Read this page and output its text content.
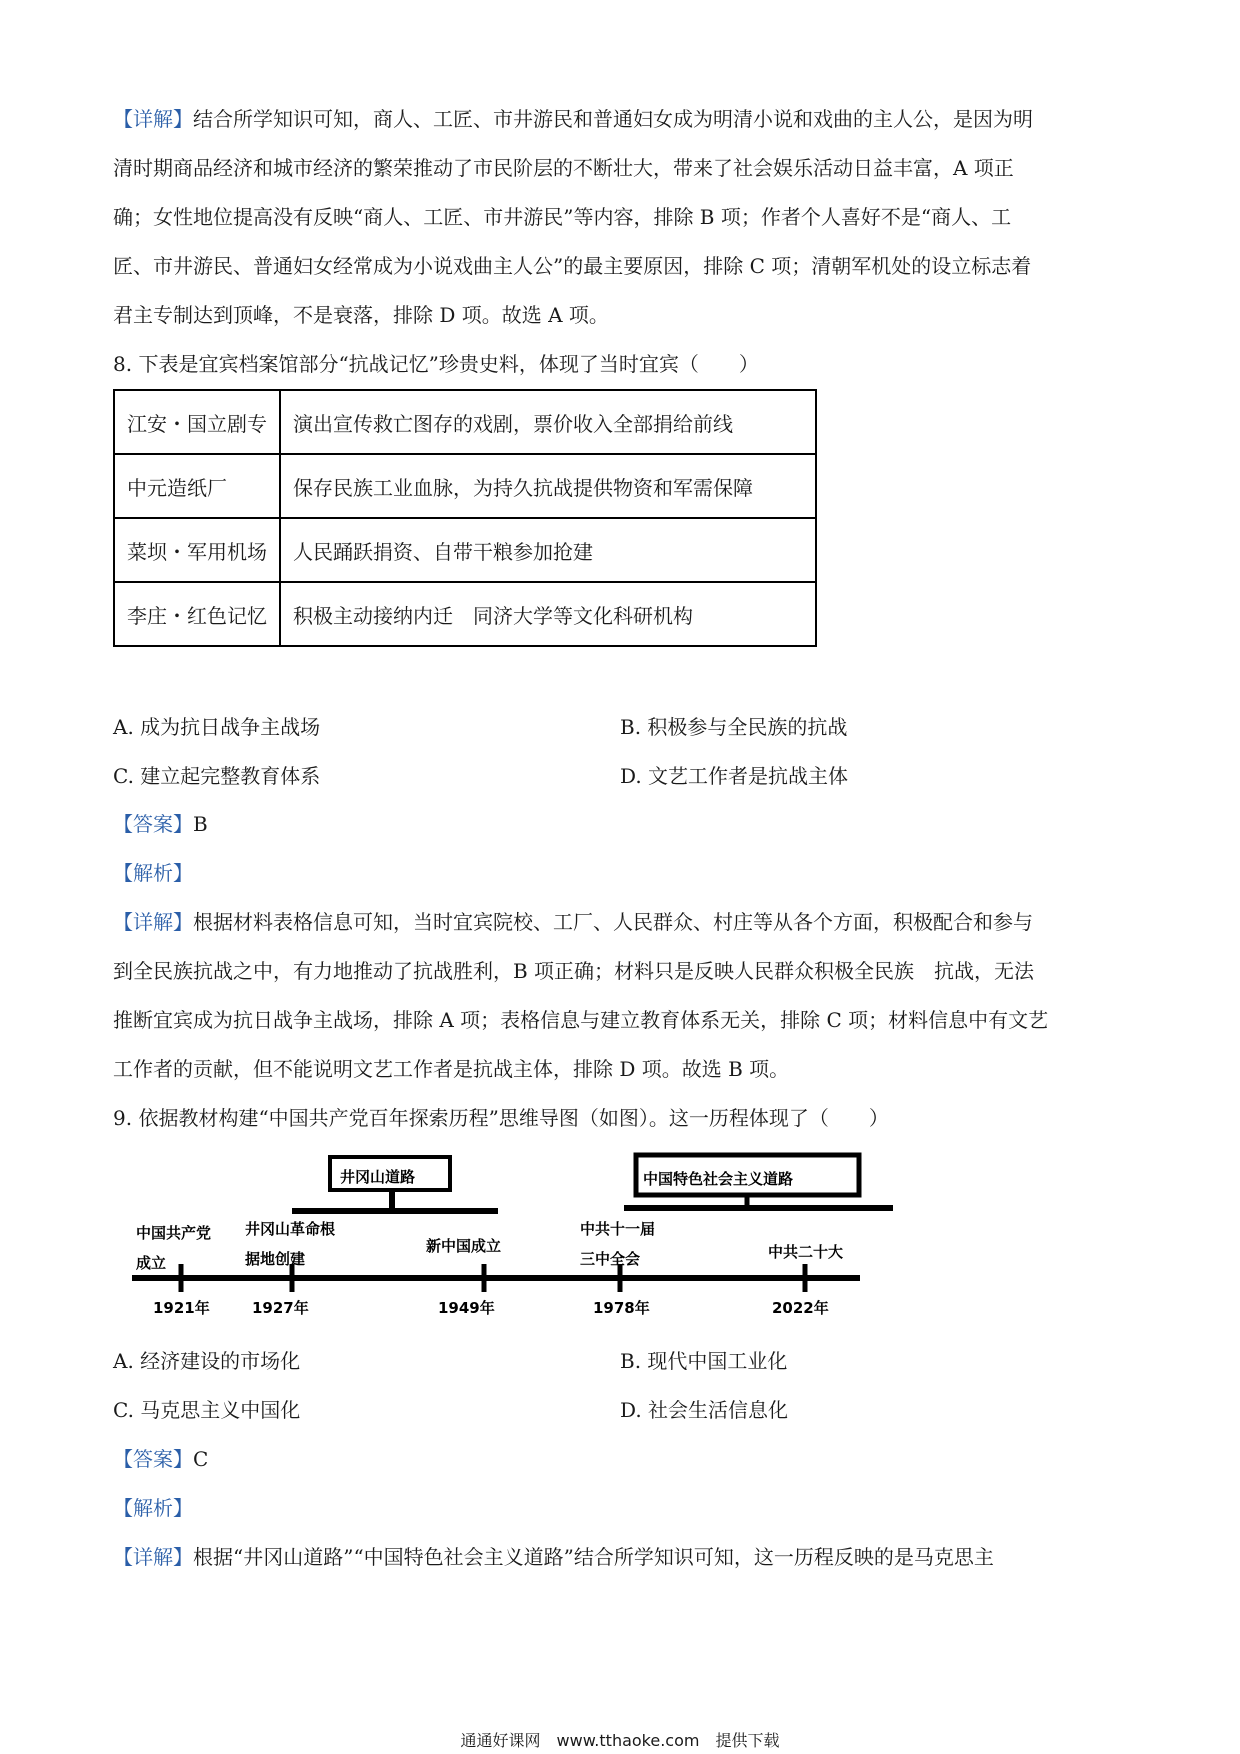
【详解】结合所学知识可知，商人、工匠、市井游民和普通妇女成为明清小说和戏曲的主人公，是因为明
清时期商品经济和城市经济的繁荣推动了市民阶层的不断壮大，带来了社会娱乐活动日益丰富，A 项正
确；女性地位提高没有反映“商人、工匠、市井游民”等内容，排除 B 项；作者个人喜好不是“商人、工
匠、市井游民、普通妇女经常成为小说戏曲主人公”的最主要原因，排除 C 项；清朝军机处的设立标志着
君主专制达到顶峰，不是衰落，排除 D 项。故选 A 项。
8. 下表是宜宾档案馆部分“抗战记忆”珍贵史料，体现了当时宜宾（　　）
江安・国立剧专	演出宣传救亡图存的戏剧，票价收入全部捐给前线
中元造纸厂	保存民族工业血脉，为持久抗战提供物资和军需保障
菜坝・军用机场	人民踊跃捐资、自带干粮参加抢建
李庄・红色记忆	积极主动接纳内迁　同济大学等文化科研机构
A. 成为抗日战争主战场	B. 积极参与全民族的抗战
C. 建立起完整教育体系	D. 文艺工作者是抗战主体
【答案】B
【解析】
【详解】根据材料表格信息可知，当时宜宾院校、工厂、人民群众、村庄等从各个方面，积极配合和参与
到全民族抗战之中，有力地推动了抗战胜利，B 项正确；材料只是反映人民群众积极全民族　抗战，无法
推断宜宾成为抗日战争主战场，排除 A 项；表格信息与建立教育体系无关，排除 C 项；材料信息中有文艺
工作者的贡献，但不能说明文艺工作者是抗战主体，排除 D 项。故选 B 项。
9. 依据教材构建“中国共产党百年探索历程”思维导图（如图）。这一历程体现了（　　）
井冈山道路	中国特色社会主义道路
中国共产党
成立
井冈山革命根
据地创建
新中国成立
中共十一届
三中全会	中共二十大
1921年	1927年	1949年	1978年	2022年
A. 经济建设的市场化	B. 现代中国工业化
C. 马克思主义中国化	D. 社会生活信息化
【答案】C
【解析】
【详解】根据“井冈山道路”“中国特色社会主义道路”结合所学知识可知，这一历程反映的是马克思主
通通好课网　www.tthaoke.com　提供下载
